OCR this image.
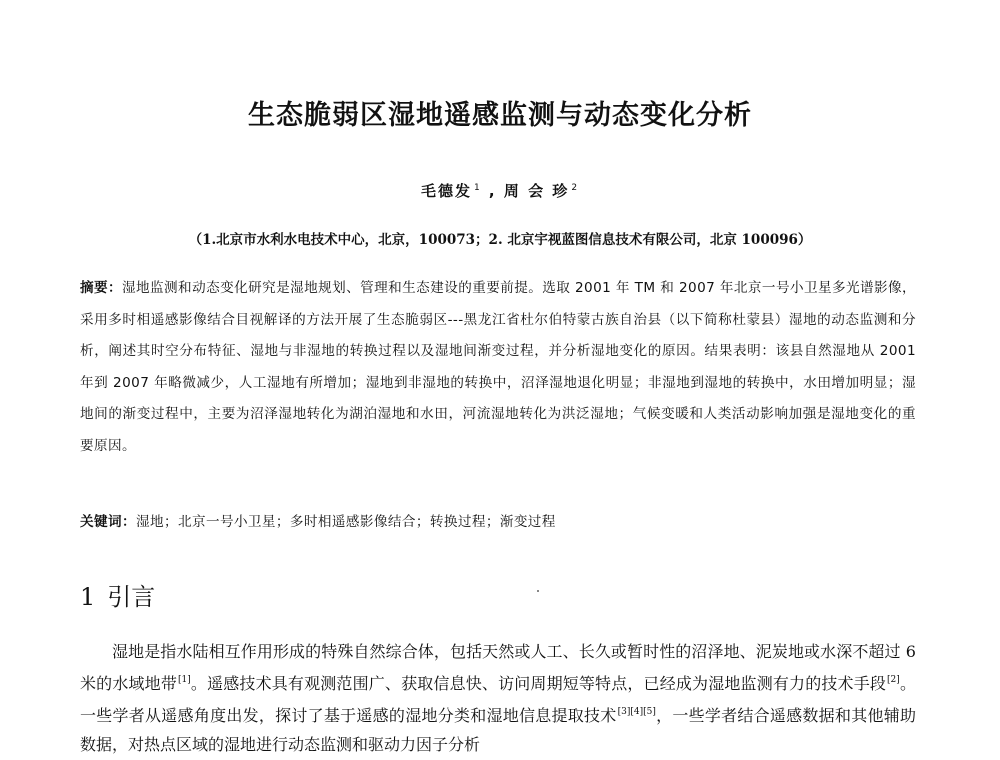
生态脆弱区湿地遥感监测与动态变化分析
毛德发 $^1$ , 周 会 珍 $^2$
（1.北京市水利水电技术中心，北京，100073；2. 北京宇视蓝图信息技术有限公司，北京 100096）
摘要：湿地监测和动态变化研究是湿地规划、管理和生态建设的重要前提。选取 2001 年 TM 和 2007 年北京一号小卫星多光谱影像，采用多时相遥感影像结合目视解译的方法开展了生态脆弱区---黑龙江省杜尔伯特蒙古族自治县（以下简称杜蒙县）湿地的动态监测和分析，阐述其时空分布特征、湿地与非湿地的转换过程以及湿地间渐变过程，并分析湿地变化的原因。结果表明：该县自然湿地从 2001 年到 2007 年略微减少，人工湿地有所增加；湿地到非湿地的转换中，沼泽湿地退化明显；非湿地到湿地的转换中，水田增加明显；湿地间的渐变过程中，主要为沼泽湿地转化为湖泊湿地和水田，河流湿地转化为洪泛湿地；气候变暖和人类活动影响加强是湿地变化的重要原因。
关键词：湿地；北京一号小卫星；多时相遥感影像结合；转换过程；渐变过程
1 引言
湿地是指水陆相互作用形成的特殊自然综合体，包括天然或人工、长久或暂时性的沼泽地、泥炭地或水深不超过 6 米的水域地带[1]。遥感技术具有观测范围广、获取信息快、访问周期短等特点，已经成为湿地监测有力的技术手段[2]。一些学者从遥感角度出发，探讨了基于遥感的湿地分类和湿地信息提取技术[3][4][5]，一些学者结合遥感数据和其他辅助数据，对热点区域的湿地进行动态监测和驱动力因子分析
